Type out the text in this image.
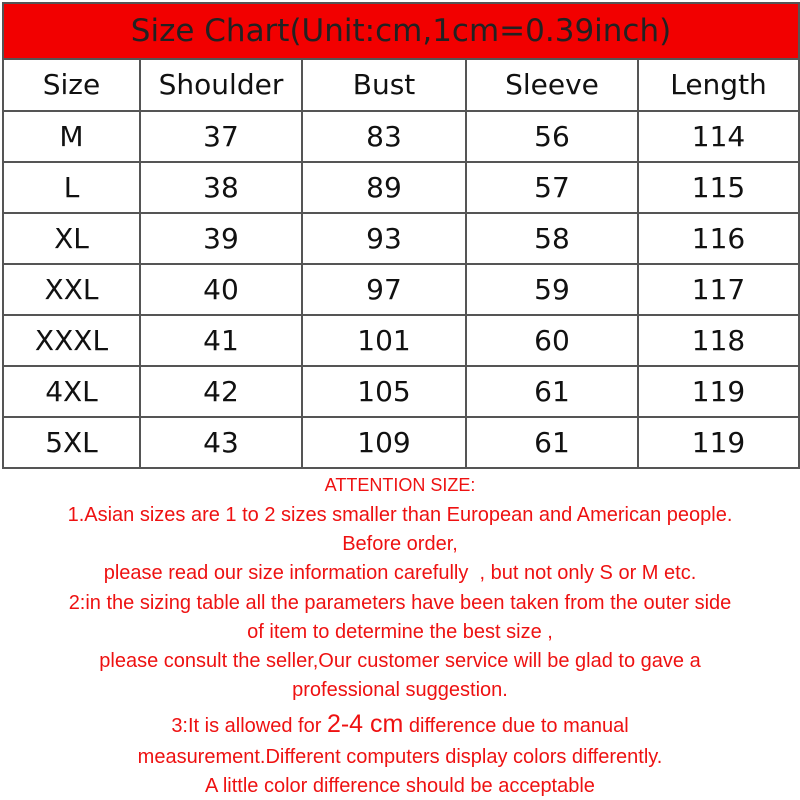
Size Chart(Unit:cm,1cm=0.39inch)				
Size	Shoulder	Bust	Sleeve	Length
M	37	83	56	114
L	38	89	57	115
XL	39	93	58	116
XXL	40	97	59	117
XXXL	41	101	60	118
4XL	42	105	61	119
5XL	43	109	61	119
ATTENTION SIZE:
1.Asian sizes are 1 to 2 sizes smaller than European and American people.
Before order,
please read our size information carefully  , but not only S or M etc.
2:in the sizing table all the parameters have been taken from the outer side
of item to determine the best size ,
please consult the seller,Our customer service will be glad to gave a
professional suggestion.
3:It is allowed for 2-4 cm difference due to manual
measurement.Different computers display colors differently.
A little color difference should be acceptable
